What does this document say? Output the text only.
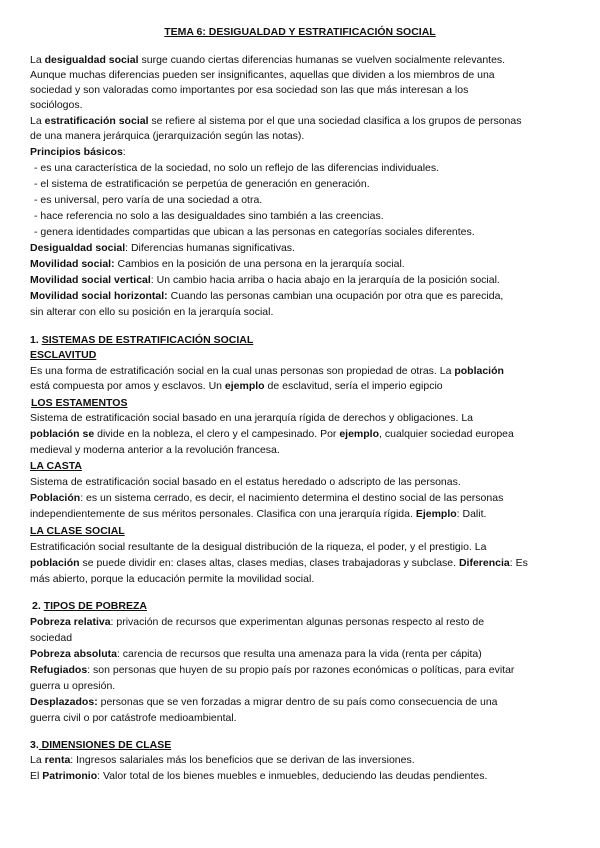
TEMA 6: DESIGUALDAD Y ESTRATIFICACIÓN SOCIAL
La desigualdad social surge cuando ciertas diferencias humanas se vuelven socialmente relevantes.
Aunque muchas diferencias pueden ser insignificantes, aquellas que dividen a los miembros de una
sociedad y son valoradas como importantes por esa sociedad son las que más interesan a los
sociólogos.
La estratificación social se refiere al sistema por el que una sociedad clasifica a los grupos de personas
de una manera jerárquica (jerarquización según las notas).
Principios básicos:
- es una característica de la sociedad, no solo un reflejo de las diferencias individuales.
- el sistema de estratificación se perpetúa de generación en generación.
- es universal, pero varía de una sociedad a otra.
- hace referencia no solo a las desigualdades sino también a las creencias.
- genera identidades compartidas que ubican a las personas en categorías sociales diferentes.
Desigualdad social: Diferencias humanas significativas.
Movilidad social: Cambios en la posición de una persona en la jerarquía social.
Movilidad social vertical: Un cambio hacia arriba o hacia abajo en la jerarquía de la posición social.
Movilidad social horizontal: Cuando las personas cambian una ocupación por otra que es parecida,
sin alterar con ello su posición en la jerarquía social.
1. SISTEMAS DE ESTRATIFICACIÓN SOCIAL
ESCLAVITUD
Es una forma de estratificación social en la cual unas personas son propiedad de otras. La población
está compuesta por amos y esclavos. Un ejemplo de esclavitud, sería el imperio egipcio
LOS ESTAMENTOS
Sistema de estratificación social basado en una jerarquía rígida de derechos y obligaciones. La
población se divide en la nobleza, el clero y el campesinado. Por ejemplo, cualquier sociedad europea
medieval y moderna anterior a la revolución francesa.
LA CASTA
Sistema de estratificación social basado en el estatus heredado o adscripto de las personas.
Población: es un sistema cerrado, es decir, el nacimiento determina el destino social de las personas
independientemente de sus méritos personales. Clasifica con una jerarquía rígida. Ejemplo: Dalit.
LA CLASE SOCIAL
Estratificación social resultante de la desigual distribución de la riqueza, el poder, y el prestigio. La
población se puede dividir en: clases altas, clases medias, clases trabajadoras y subclase. Diferencia: Es
más abierto, porque la educación permite la movilidad social.
2. TIPOS DE POBREZA
Pobreza relativa: privación de recursos que experimentan algunas personas respecto al resto de
sociedad
Pobreza absoluta: carencia de recursos que resulta una amenaza para la vida (renta per cápita)
Refugiados: son personas que huyen de su propio país por razones económicas o políticas, para evitar
guerra u opresión.
Desplazados: personas que se ven forzadas a migrar dentro de su país como consecuencia de una
guerra civil o por catástrofe medioambiental.
3. DIMENSIONES DE CLASE
La renta: Ingresos salariales más los beneficios que se derivan de las inversiones.
El Patrimonio: Valor total de los bienes muebles e inmuebles, deduciendo las deudas pendientes.
